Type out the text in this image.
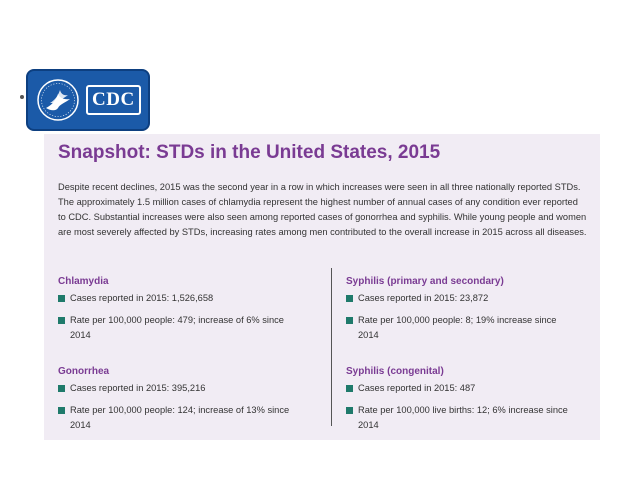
CDC
Snapshot: STDs in the United States, 2015
Despite recent declines, 2015 was the second year in a row in which increases were seen in all three nationally reported STDs. The approximately 1.5 million cases of chlamydia represent the highest number of annual cases of any condition ever reported to CDC. Substantial increases were also seen among reported cases of gonorrhea and syphilis. While young people and women are most severely affected by STDs, increasing rates among men contributed to the overall increase in 2015 across all diseases.
Chlamydia
Cases reported in 2015: 1,526,658
Rate per 100,000 people: 479; increase of 6% since 2014
Syphilis (primary and secondary)
Cases reported in 2015: 23,872
Rate per 100,000 people: 8; 19% increase since 2014
Gonorrhea
Cases reported in 2015: 395,216
Rate per 100,000 people: 124; increase of 13% since 2014
Syphilis (congenital)
Cases reported in 2015: 487
Rate per 100,000 live births: 12; 6% increase since 2014
